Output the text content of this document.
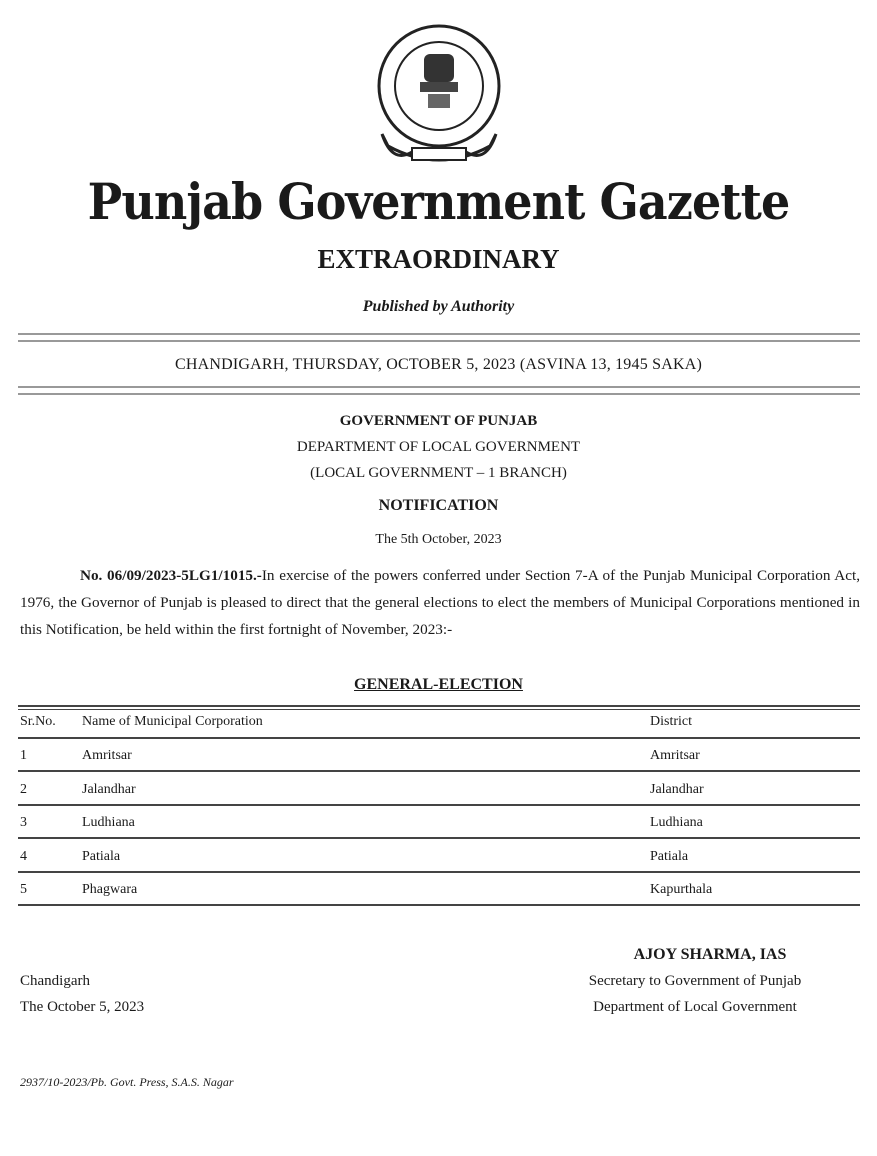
Punjab Government Gazette
EXTRAORDINARY
Published by Authority
CHANDIGARH, THURSDAY, OCTOBER 5, 2023 (ASVINA 13, 1945 SAKA)
GOVERNMENT OF PUNJAB
DEPARTMENT OF LOCAL GOVERNMENT
(LOCAL GOVERNMENT – 1 BRANCH)
NOTIFICATION
The 5th October, 2023
No. 06/09/2023-5LG1/1015.-In exercise of the powers conferred under Section 7-A of the Punjab Municipal Corporation Act, 1976, the Governor of Punjab is pleased to direct that the general elections to elect the members of Municipal Corporations mentioned in this Notification, be held within the first fortnight of November, 2023:-
GENERAL-ELECTION
Sr.No. Name of Municipal Corporation	District
1	Amritsar	Amritsar
2	Jalandhar	Jalandhar
3	Ludhiana	Ludhiana
4	Patiala	Patiala
5	Phagwara	Kapurthala
AJOY SHARMA, IAS
Secretary to Government of Punjab
Department of Local Government
Chandigarh
The October 5, 2023
2937/10-2023/Pb. Govt. Press, S.A.S. Nagar
